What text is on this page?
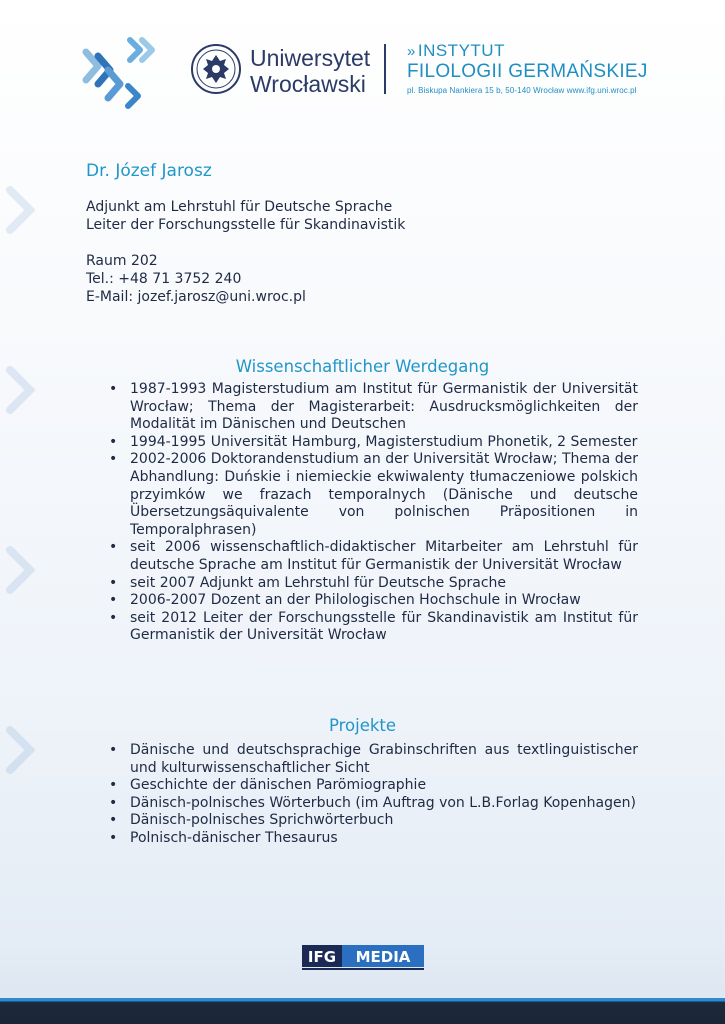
Uniwersytet
Wrocławski
» INSTYTUT
FILOLOGII GERMAŃSKIEJ
pl. Biskupa Nankiera 15 b, 50-140 Wrocław www.ifg.uni.wroc.pl
Dr. Józef Jarosz
Adjunkt am Lehrstuhl für Deutsche Sprache
Leiter der Forschungsstelle für Skandinavistik
Raum 202
Tel.: +48 71 3752 240
E-Mail: jozef.jarosz@uni.wroc.pl
Wissenschaftlicher Werdegang
• 1987-1993 Magisterstudium am Institut für Germanistik der Universität Wrocław; Thema der Magisterarbeit: Ausdrucksmöglichkeiten der Modalität im Dänischen und Deutschen
• 1994-1995 Universität Hamburg, Magisterstudium Phonetik, 2 Semester
• 2002-2006 Doktorandenstudium an der Universität Wrocław; Thema der Abhandlung: Duńskie i niemieckie ekwiwalenty tłumaczeniowe polskich przyimków we frazach temporalnych (Dänische und deutsche Übersetzungsäquivalente von polnischen Präpositionen in Temporalphrasen)
• seit 2006 wissenschaftlich-didaktischer Mitarbeiter am Lehrstuhl für deutsche Sprache am Institut für Germanistik der Universität Wrocław
• seit 2007 Adjunkt am Lehrstuhl für Deutsche Sprache
• 2006-2007 Dozent an der Philologischen Hochschule in Wrocław
• seit 2012 Leiter der Forschungsstelle für Skandinavistik am Institut für Germanistik der Universität Wrocław
Projekte
• Dänische und deutschsprachige Grabinschriften aus textlinguistischer und kulturwissenschaftlicher Sicht
• Geschichte der dänischen Parömiographie
• Dänisch-polnisches Wörterbuch (im Auftrag von L.B.Forlag Kopenhagen)
• Dänisch-polnisches Sprichwörterbuch
• Polnisch-dänischer Thesaurus
IFG MEDIA
